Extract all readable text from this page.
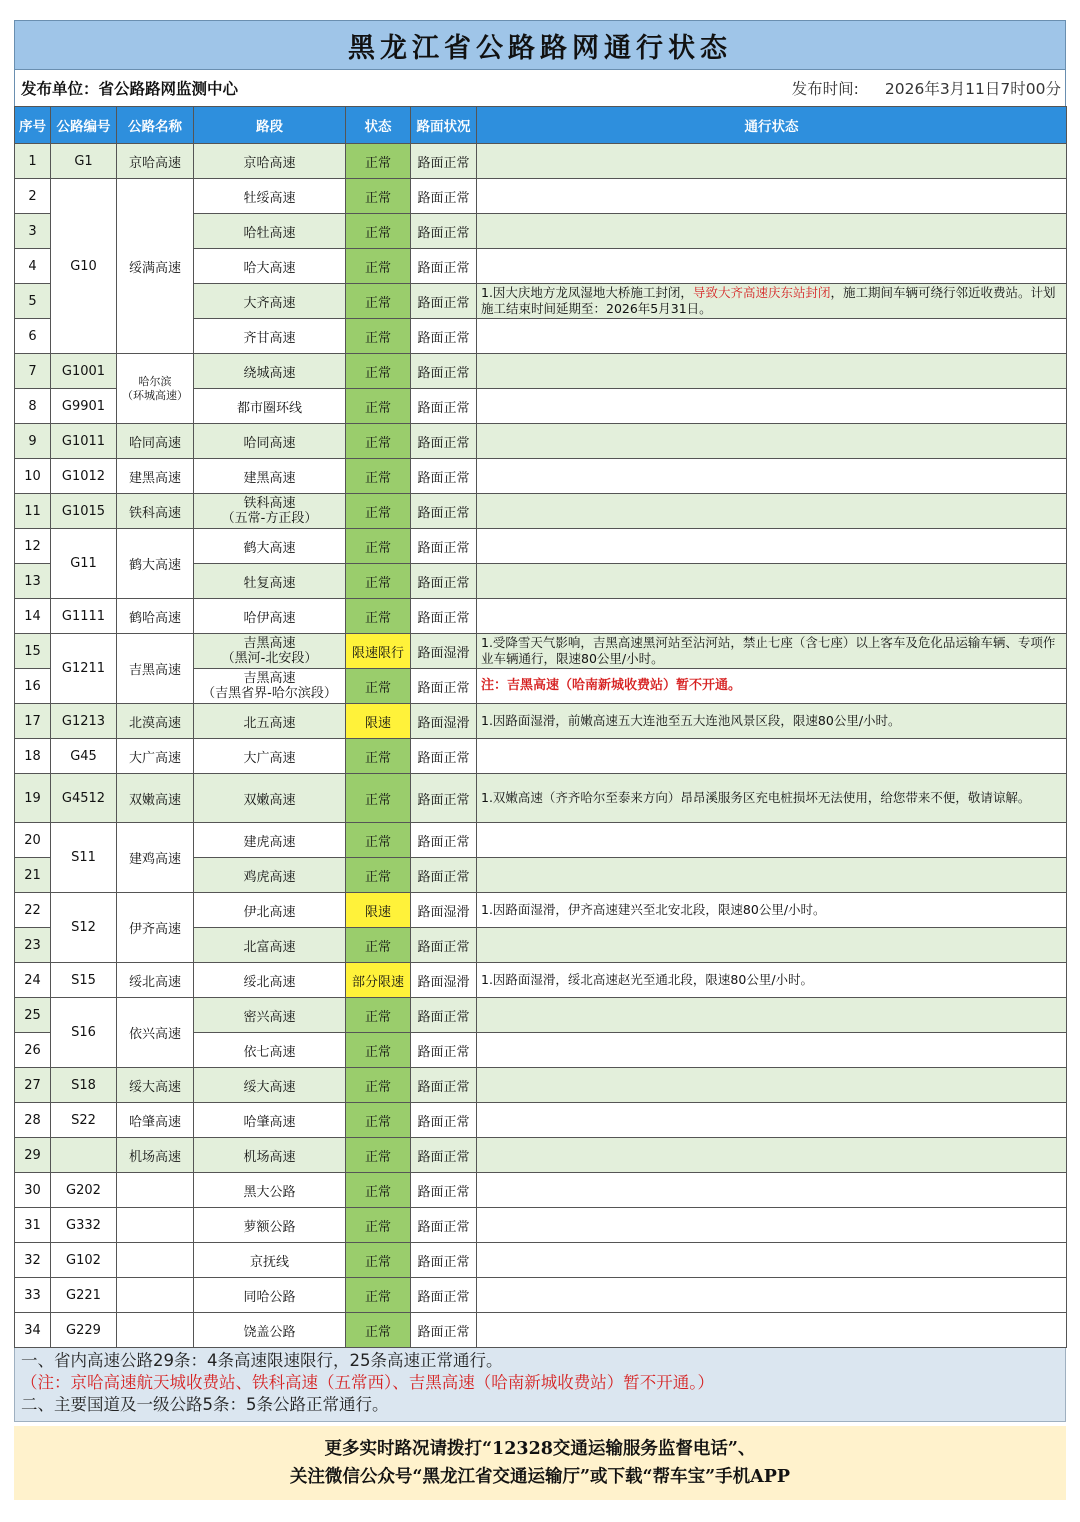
黑龙江省公路路网通行状态
发布单位：省公路路网监测中心	发布时间: 2026年3月11日7时00分
序号	公路编号	公路名称	路段	状态	路面状况	通行状态
1	G1	京哈高速	京哈高速	正常	路面正常	
2	G10	绥满高速	牡绥高速	正常	路面正常	
3			哈牡高速	正常	路面正常	
4			哈大高速	正常	路面正常	
5			大齐高速	正常	路面正常	1.因大庆地方龙凤湿地大桥施工封闭，导致大齐高速庆东站封闭，施工期间车辆可绕行邻近收费站。计划施工结束时间延期至：2026年5月31日。
6			齐甘高速	正常	路面正常	
7	G1001	哈尔滨
（环城高速）	绕城高速	正常	路面正常	
8	G9901		都市圈环线	正常	路面正常	
9	G1011	哈同高速	哈同高速	正常	路面正常	
10	G1012	建黑高速	建黑高速	正常	路面正常	
11	G1015	铁科高速	铁科高速
（五常-方正段）	正常	路面正常	
12	G11	鹤大高速	鹤大高速	正常	路面正常	
13			牡复高速	正常	路面正常	
14	G1111	鹤哈高速	哈伊高速	正常	路面正常	
15	G1211	吉黑高速	吉黑高速
（黑河-北安段）	限速限行	路面湿滑	1.受降雪天气影响，吉黑高速黑河站至沾河站，禁止七座（含七座）以上客车及危化品运输车辆、专项作业车辆通行，限速80公里/小时。
16			吉黑高速
（吉黑省界-哈尔滨段）	正常	路面正常	注：吉黑高速（哈南新城收费站）暂不开通。
17	G1213	北漠高速	北五高速	限速	路面湿滑	1.因路面湿滑，前嫩高速五大连池至五大连池风景区段，限速80公里/小时。
18	G45	大广高速	大广高速	正常	路面正常	
19	G4512	双嫩高速	双嫩高速	正常	路面正常	1.双嫩高速（齐齐哈尔至泰来方向）昂昂溪服务区充电桩损坏无法使用，给您带来不便，敬请谅解。
20	S11	建鸡高速	建虎高速	正常	路面正常	
21			鸡虎高速	正常	路面正常	
22	S12	伊齐高速	伊北高速	限速	路面湿滑	1.因路面湿滑，伊齐高速建兴至北安北段，限速80公里/小时。
23			北富高速	正常	路面正常	
24	S15	绥北高速	绥北高速	部分限速	路面湿滑	1.因路面湿滑，绥北高速赵光至通北段，限速80公里/小时。
25	S16	依兴高速	密兴高速	正常	路面正常	
26			依七高速	正常	路面正常	
27	S18	绥大高速	绥大高速	正常	路面正常	
28	S22	哈肇高速	哈肇高速	正常	路面正常	
29		机场高速	机场高速	正常	路面正常	
30	G202		黑大公路	正常	路面正常	
31	G332		萝额公路	正常	路面正常	
32	G102		京抚线	正常	路面正常	
33	G221		同哈公路	正常	路面正常	
34	G229		饶盖公路	正常	路面正常	
一、省内高速公路29条：4条高速限速限行，25条高速正常通行。
（注：京哈高速航天城收费站、铁科高速（五常西）、吉黑高速（哈南新城收费站）暂不开通。）
二、主要国道及一级公路5条：5条公路正常通行。
更多实时路况请拨打“12328交通运输服务监督电话”、
关注微信公众号“黑龙江省交通运输厅”或下载“帮车宝”手机APP
